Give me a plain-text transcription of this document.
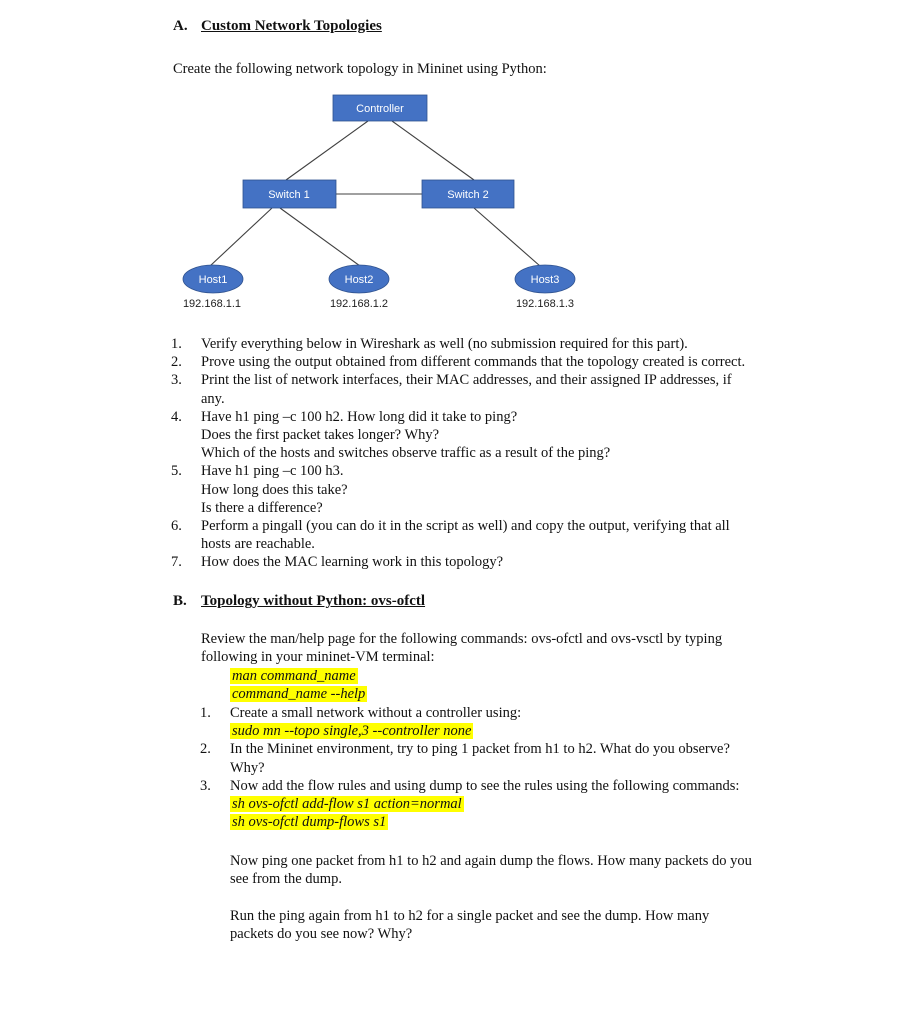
A. Custom Network Topologies
Create the following network topology in Mininet using Python:
Controller
Switch 1	Switch 2
Host1	Host2	Host3
192.168.1.1	192.168.1.2	192.168.1.3
1.	Verify everything below in Wireshark as well (no submission required for this part).
2.	Prove using the output obtained from different commands that the topology created is correct.
3.	Print the list of network interfaces, their MAC addresses, and their assigned IP addresses, if
any.
4.	Have h1 ping –c 100 h2. How long did it take to ping?
Does the first packet takes longer? Why?
Which of the hosts and switches observe traffic as a result of the ping?
5.	Have h1 ping –c 100 h3.
How long does this take?
Is there a difference?
6.	Perform a pingall (you can do it in the script as well) and copy the output, verifying that all
hosts are reachable.
7.	How does the MAC learning work in this topology?
B. Topology without Python: ovs-ofctl
Review the man/help page for the following commands: ovs-ofctl and ovs-vsctl by typing
following in your mininet-VM terminal:
man command_name
command_name --help
1.	Create a small network without a controller using:
sudo mn --topo single,3 --controller none
2.	In the Mininet environment, try to ping 1 packet from h1 to h2. What do you observe?
Why?
3.	Now add the flow rules and using dump to see the rules using the following commands:
sh ovs-ofctl add-flow s1 action=normal
sh ovs-ofctl dump-flows s1
Now ping one packet from h1 to h2 and again dump the flows. How many packets do you
see from the dump.
Run the ping again from h1 to h2 for a single packet and see the dump. How many
packets do you see now? Why?
